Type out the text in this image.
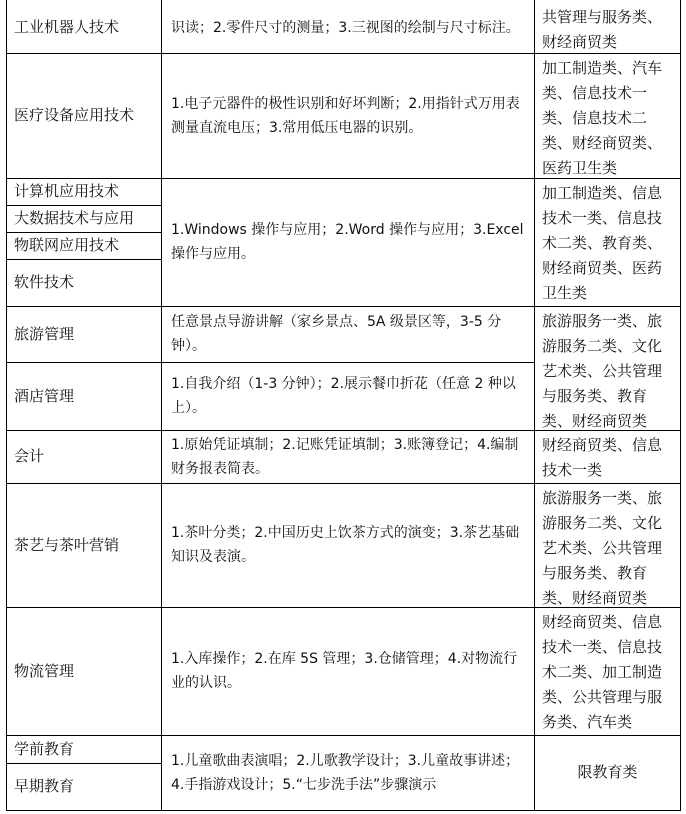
工业机器人技术	识读；2.零件尺寸的测量；3.三视图的绘制与尺寸标注。
共管理与服务类、财经商贸类
医疗设备应用技术
1.电子元器件的极性识别和好坏判断；2.用指针式万用表测量直流电压；3.常用低压电器的识别。
加工制造类、汽车类、信息技术一类、信息技术二类、财经商贸类、医药卫生类
计算机应用技术
大数据技术与应用
物联网应用技术
软件技术
1.Windows 操作与应用；2.Word 操作与应用；3.Excel 操作与应用。
加工制造类、信息技术一类、信息技术二类、教育类、财经商贸类、医药卫生类
旅游管理
任意景点导游讲解（家乡景点、5A 级景区等，3-5 分钟）。
旅游服务一类、旅游服务二类、文化艺术类、公共管理与服务类、教育类、财经商贸类
酒店管理
1.自我介绍（1-3 分钟）；2.展示餐巾折花（任意 2 种以上）。
会计
1.原始凭证填制；2.记账凭证填制；3.账簿登记；4.编制财务报表简表。
财经商贸类、信息技术一类
茶艺与茶叶营销
1.茶叶分类；2.中国历史上饮茶方式的演变；3.茶艺基础知识及表演。
旅游服务一类、旅游服务二类、文化艺术类、公共管理与服务类、教育类、财经商贸类
物流管理
1.入库操作；2.在库 5S 管理；3.仓储管理；4.对物流行业的认识。
财经商贸类、信息技术一类、信息技术二类、加工制造类、公共管理与服务类、汽车类
学前教育
早期教育
1.儿童歌曲表演唱；2.儿歌教学设计；3.儿童故事讲述；4.手指游戏设计；5.“七步洗手法”步骤演示
限教育类
